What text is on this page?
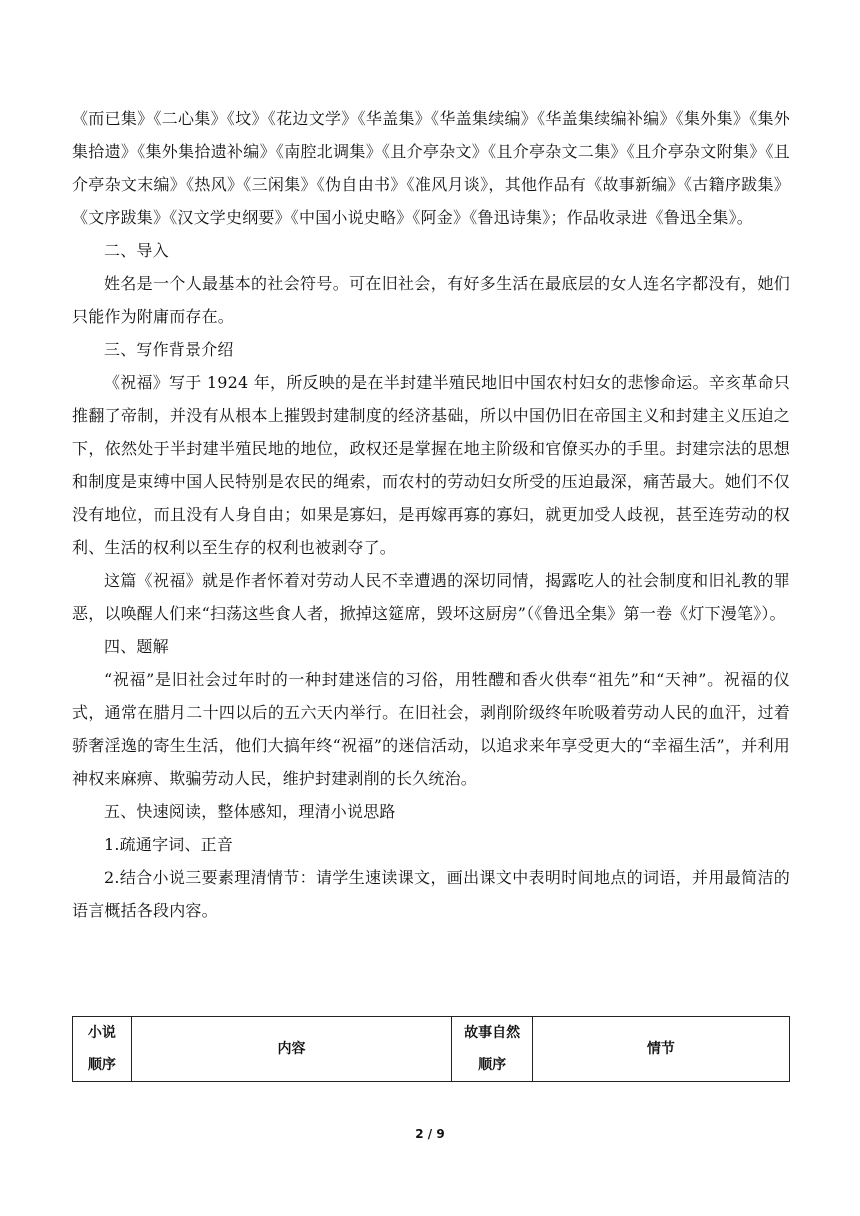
《而已集》《二心集》《坟》《花边文学》《华盖集》《华盖集续编》《华盖集续编补编》《集外集》《集外集拾遗》《集外集拾遗补编》《南腔北调集》《且介亭杂文》《且介亭杂文二集》《且介亭杂文附集》《且介亭杂文末编》《热风》《三闲集》《伪自由书》《准风月谈》，其他作品有《故事新编》《古籍序跋集》《文序跋集》《汉文学史纲要》《中国小说史略》《阿金》《鲁迅诗集》；作品收录进《鲁迅全集》。

二、导入

姓名是一个人最基本的社会符号。可在旧社会，有好多生活在最底层的女人连名字都没有，她们只能作为附庸而存在。

三、写作背景介绍

《祝福》写于 1924 年，所反映的是在半封建半殖民地旧中国农村妇女的悲惨命运。辛亥革命只推翻了帝制，并没有从根本上摧毁封建制度的经济基础，所以中国仍旧在帝国主义和封建主义压迫之下，依然处于半封建半殖民地的地位，政权还是掌握在地主阶级和官僚买办的手里。封建宗法的思想和制度是束缚中国人民特别是农民的绳索，而农村的劳动妇女所受的压迫最深，痛苦最大。她们不仅没有地位，而且没有人身自由；如果是寡妇，是再嫁再寡的寡妇，就更加受人歧视，甚至连劳动的权利、生活的权利以至生存的权利也被剥夺了。

这篇《祝福》就是作者怀着对劳动人民不幸遭遇的深切同情，揭露吃人的社会制度和旧礼教的罪恶，以唤醒人们来“扫荡这些食人者，掀掉这筵席，毁坏这厨房”（《鲁迅全集》第一卷《灯下漫笔》）。

四、题解

“祝福”是旧社会过年时的一种封建迷信的习俗，用牲醴和香火供奉“祖先”和“天神”。祝福的仪式，通常在腊月二十四以后的五六天内举行。在旧社会，剥削阶级终年吮吸着劳动人民的血汗，过着骄奢淫逸的寄生生活，他们大搞年终“祝福”的迷信活动，以追求来年享受更大的“幸福生活”，并利用神权来麻痹、欺骗劳动人民，维护封建剥削的长久统治。

五、快速阅读，整体感知，理清小说思路

1.疏通字词、正音

2.结合小说三要素理清情节：请学生速读课文，画出课文中表明时间地点的词语，并用最简洁的语言概括各段内容。

小说
顺序
	内容	
故事自然
顺序
	情节
2 / 9
